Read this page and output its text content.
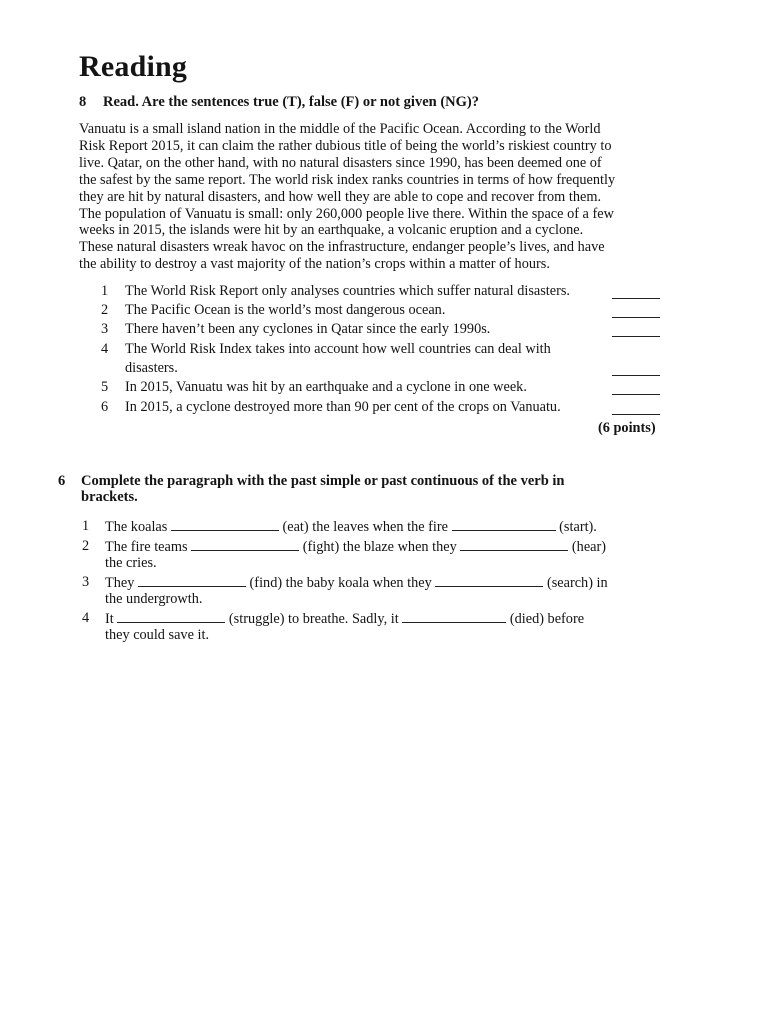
Reading
8 Read. Are the sentences true (T), false (F) or not given (NG)?
Vanuatu is a small island nation in the middle of the Pacific Ocean. According to the World
Risk Report 2015, it can claim the rather dubious title of being the world’s riskiest country to
live. Qatar, on the other hand, with no natural disasters since 1990, has been deemed one of
the safest by the same report. The world risk index ranks countries in terms of how frequently
they are hit by natural disasters, and how well they are able to cope and recover from them.
The population of Vanuatu is small: only 260,000 people live there. Within the space of a few
weeks in 2015, the islands were hit by an earthquake, a volcanic eruption and a cyclone.
These natural disasters wreak havoc on the infrastructure, endanger people’s lives, and have
the ability to destroy a vast majority of the nation’s crops within a matter of hours.
1 The World Risk Report only analyses countries which suffer natural disasters.
2 The Pacific Ocean is the world’s most dangerous ocean.
3 There haven’t been any cyclones in Qatar since the early 1990s.
4 The World Risk Index takes into account how well countries can deal with
disasters.
5 In 2015, Vanuatu was hit by an earthquake and a cyclone in one week.
6 In 2015, a cyclone destroyed more than 90 per cent of the crops on Vanuatu.
(6 points)
6 Complete the paragraph with the past simple or past continuous of the verb in
brackets.
1 The koalas	(eat) the leaves when the fire	(start).
2 The fire teams	(fight) the blaze when they	(hear)
the cries.
3 They	(find) the baby koala when they	(search) in
the undergrowth.
4 It	(struggle) to breathe. Sadly, it	(died) before
they could save it.
